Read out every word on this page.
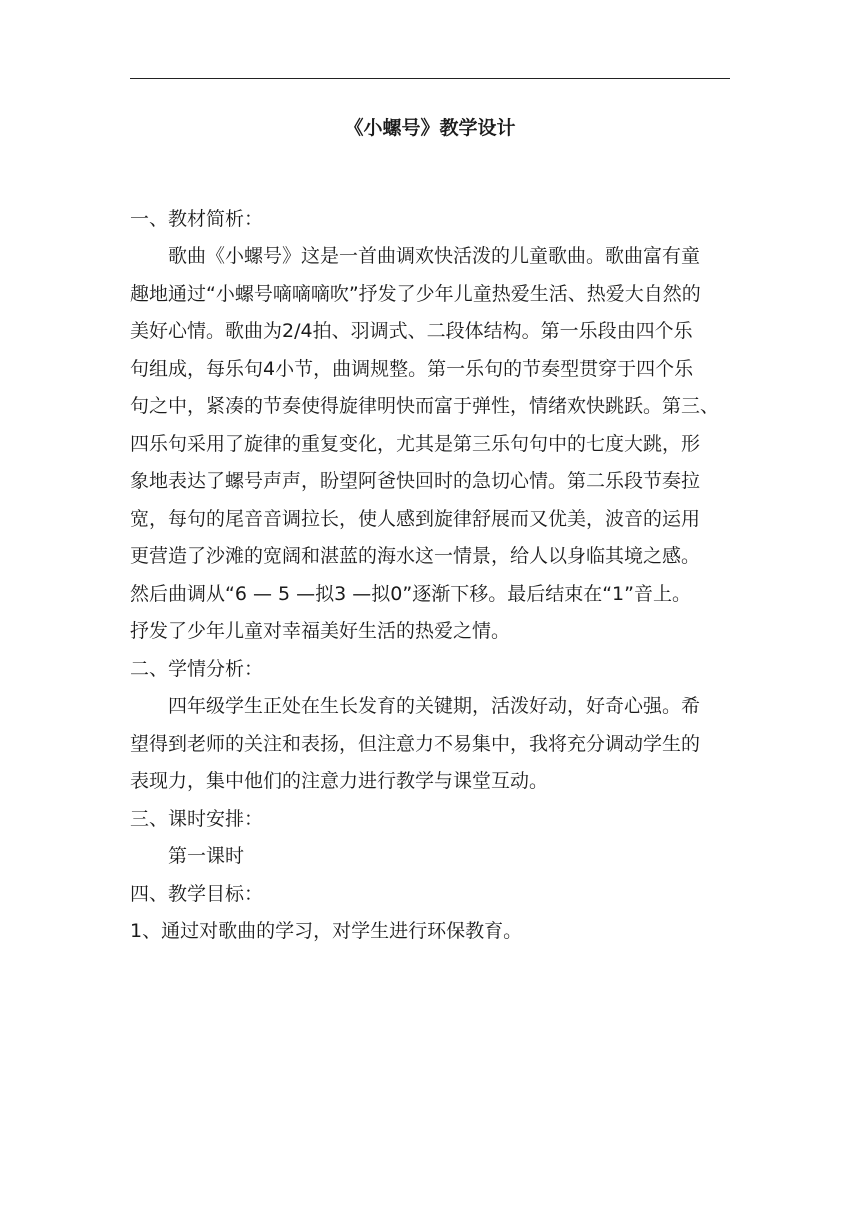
《小螺号》教学设计
一、教材简析：
歌曲《小螺号》这是一首曲调欢快活泼的儿童歌曲。歌曲富有童
趣地通过“小螺号嘀嘀嘀吹”抒发了少年儿童热爱生活、热爱大自然的
美好心情。歌曲为2/4拍、羽调式、二段体结构。第一乐段由四个乐
句组成，每乐句4小节，曲调规整。第一乐句的节奏型贯穿于四个乐
句之中，紧凑的节奏使得旋律明快而富于弹性，情绪欢快跳跃。第三、
四乐句采用了旋律的重复变化，尤其是第三乐句句中的七度大跳，形
象地表达了螺号声声，盼望阿爸快回时的急切心情。第二乐段节奏拉
宽，每句的尾音音调拉长，使人感到旋律舒展而又优美，波音的运用
更营造了沙滩的宽阔和湛蓝的海水这一情景，给人以身临其境之感。
然后曲调从“6 — 5 —拟3 —拟0”逐渐下移。最后结束在“1”音上。
抒发了少年儿童对幸福美好生活的热爱之情。
二、学情分析：
四年级学生正处在生长发育的关键期，活泼好动，好奇心强。希
望得到老师的关注和表扬，但注意力不易集中，我将充分调动学生的
表现力，集中他们的注意力进行教学与课堂互动。
三、课时安排：
第一课时
四、教学目标：
1、通过对歌曲的学习，对学生进行环保教育。
